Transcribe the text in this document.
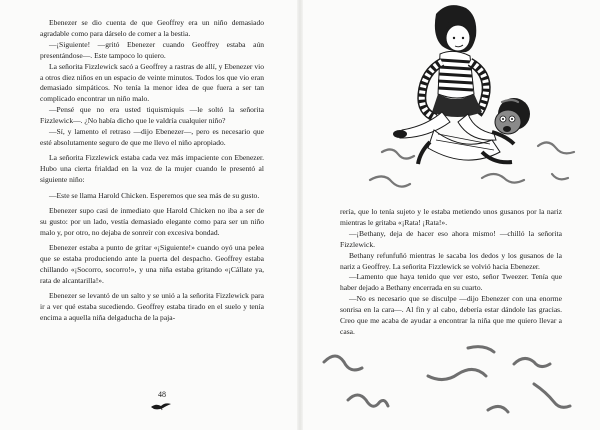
Ebenezer se dio cuenta de que Geoffrey era un niño demasiado agradable como para dárselo de comer a la bestia.

—¡Siguiente! —gritó Ebenezer cuando Geoffrey estaba aún presentándose—. Este tampoco lo quiero.

La señorita Fizzlewick sacó a Geoffrey a rastras de allí, y Ebenezer vio a otros diez niños en un espacio de veinte minutos. Todos los que vio eran demasiado simpáticos. No tenía la menor idea de que fuera a ser tan complicado encontrar un niño malo.

—Pensé que no era usted tiquismiquis —le soltó la señorita Fizzlewick—. ¿No había dicho que le valdría cualquier niño?

—Sí, y lamento el retraso —dijo Ebenezer—, pero es necesario que esté absolutamente seguro de que me llevo el niño apropiado.

La señorita Fizzlewick estaba cada vez más impaciente con Ebenezer. Hubo una cierta frialdad en la voz de la mujer cuando le presentó al siguiente niño:

—Este se llama Harold Chicken. Esperemos que sea más de su gusto.

Ebenezer supo casi de inmediato que Harold Chicken no iba a ser de su gusto: por un lado, vestía demasiado elegante como para ser un niño malo y, por otro, no dejaba de sonreír con excesiva bondad.

Ebenezer estaba a punto de gritar «¡Siguiente!» cuando oyó una pelea que se estaba produciendo ante la puerta del despacho. Geoffrey estaba chillando «¡Socorro, socorro!», y una niña estaba gritando «¡Cállate ya, rata de alcantarilla!».

Ebenezer se levantó de un salto y se unió a la señorita Fizzlewick para ir a ver qué estaba sucediendo. Geoffrey estaba tirado en el suelo y tenía encima a aquella niña delgaducha de la paja-

48

rería, que lo tenía sujeto y le estaba metiendo unos gusanos por la nariz mientras le gritaba «¡Rata! ¡Rata!».

—¡Bethany, deja de hacer eso ahora mismo! —chilló la señorita Fizzlewick.

Bethany refunfuñó mientras le sacaba los dedos y los gusanos de la nariz a Geoffrey. La señorita Fizzlewick se volvió hacia Ebenezer.

—Lamento que haya tenido que ver esto, señor Tweezer. Tenía que haber dejado a Bethany encerrada en su cuarto.

—No es necesario que se disculpe —dijo Ebenezer con una enorme sonrisa en la cara—. Al fin y al cabo, debería estar dándole las gracias. Creo que me acaba de ayudar a encontrar la niña que me quiero llevar a casa.
